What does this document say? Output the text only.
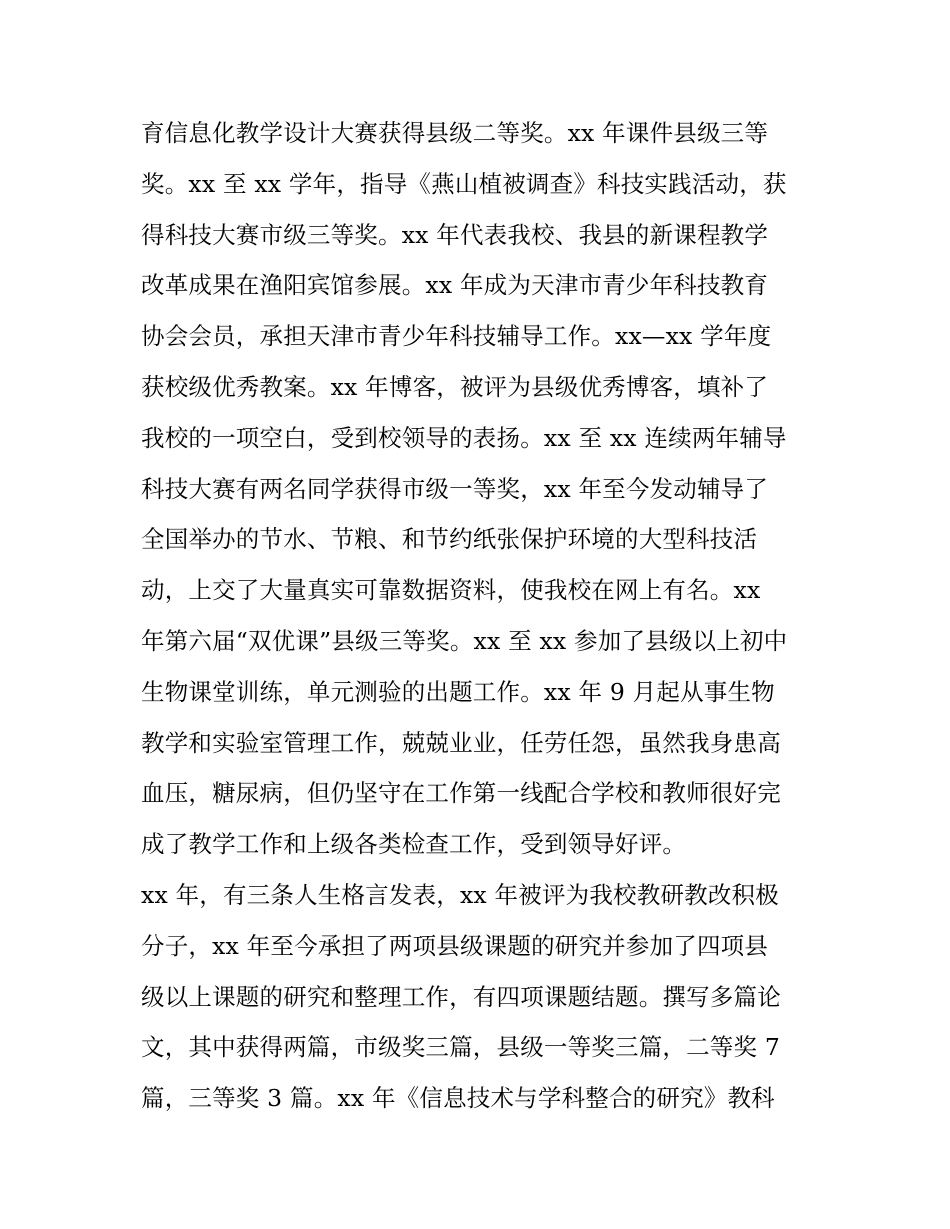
育信息化教学设计大赛获得县级二等奖。xx 年课件县级三等
奖。xx 至 xx 学年，指导《燕山植被调查》科技实践活动，获
得科技大赛市级三等奖。xx 年代表我校、我县的新课程教学
改革成果在渔阳宾馆参展。xx 年成为天津市青少年科技教育
协会会员，承担天津市青少年科技辅导工作。xx—xx 学年度
获校级优秀教案。xx 年博客，被评为县级优秀博客，填补了
我校的一项空白，受到校领导的表扬。xx 至 xx 连续两年辅导
科技大赛有两名同学获得市级一等奖，xx 年至今发动辅导了
全国举办的节水、节粮、和节约纸张保护环境的大型科技活
动，上交了大量真实可靠数据资料，使我校在网上有名。xx
年第六届“双优课”县级三等奖。xx 至 xx 参加了县级以上初中
生物课堂训练，单元测验的出题工作。xx 年 9 月起从事生物
教学和实验室管理工作，兢兢业业，任劳任怨，虽然我身患高
血压，糖尿病，但仍坚守在工作第一线配合学校和教师很好完
成了教学工作和上级各类检查工作，受到领导好评。
xx 年，有三条人生格言发表，xx 年被评为我校教研教改积极
分子，xx 年至今承担了两项县级课题的研究并参加了四项县
级以上课题的研究和整理工作，有四项课题结题。撰写多篇论
文，其中获得两篇，市级奖三篇，县级一等奖三篇，二等奖 7
篇，三等奖 3 篇。xx 年《信息技术与学科整合的研究》教科
